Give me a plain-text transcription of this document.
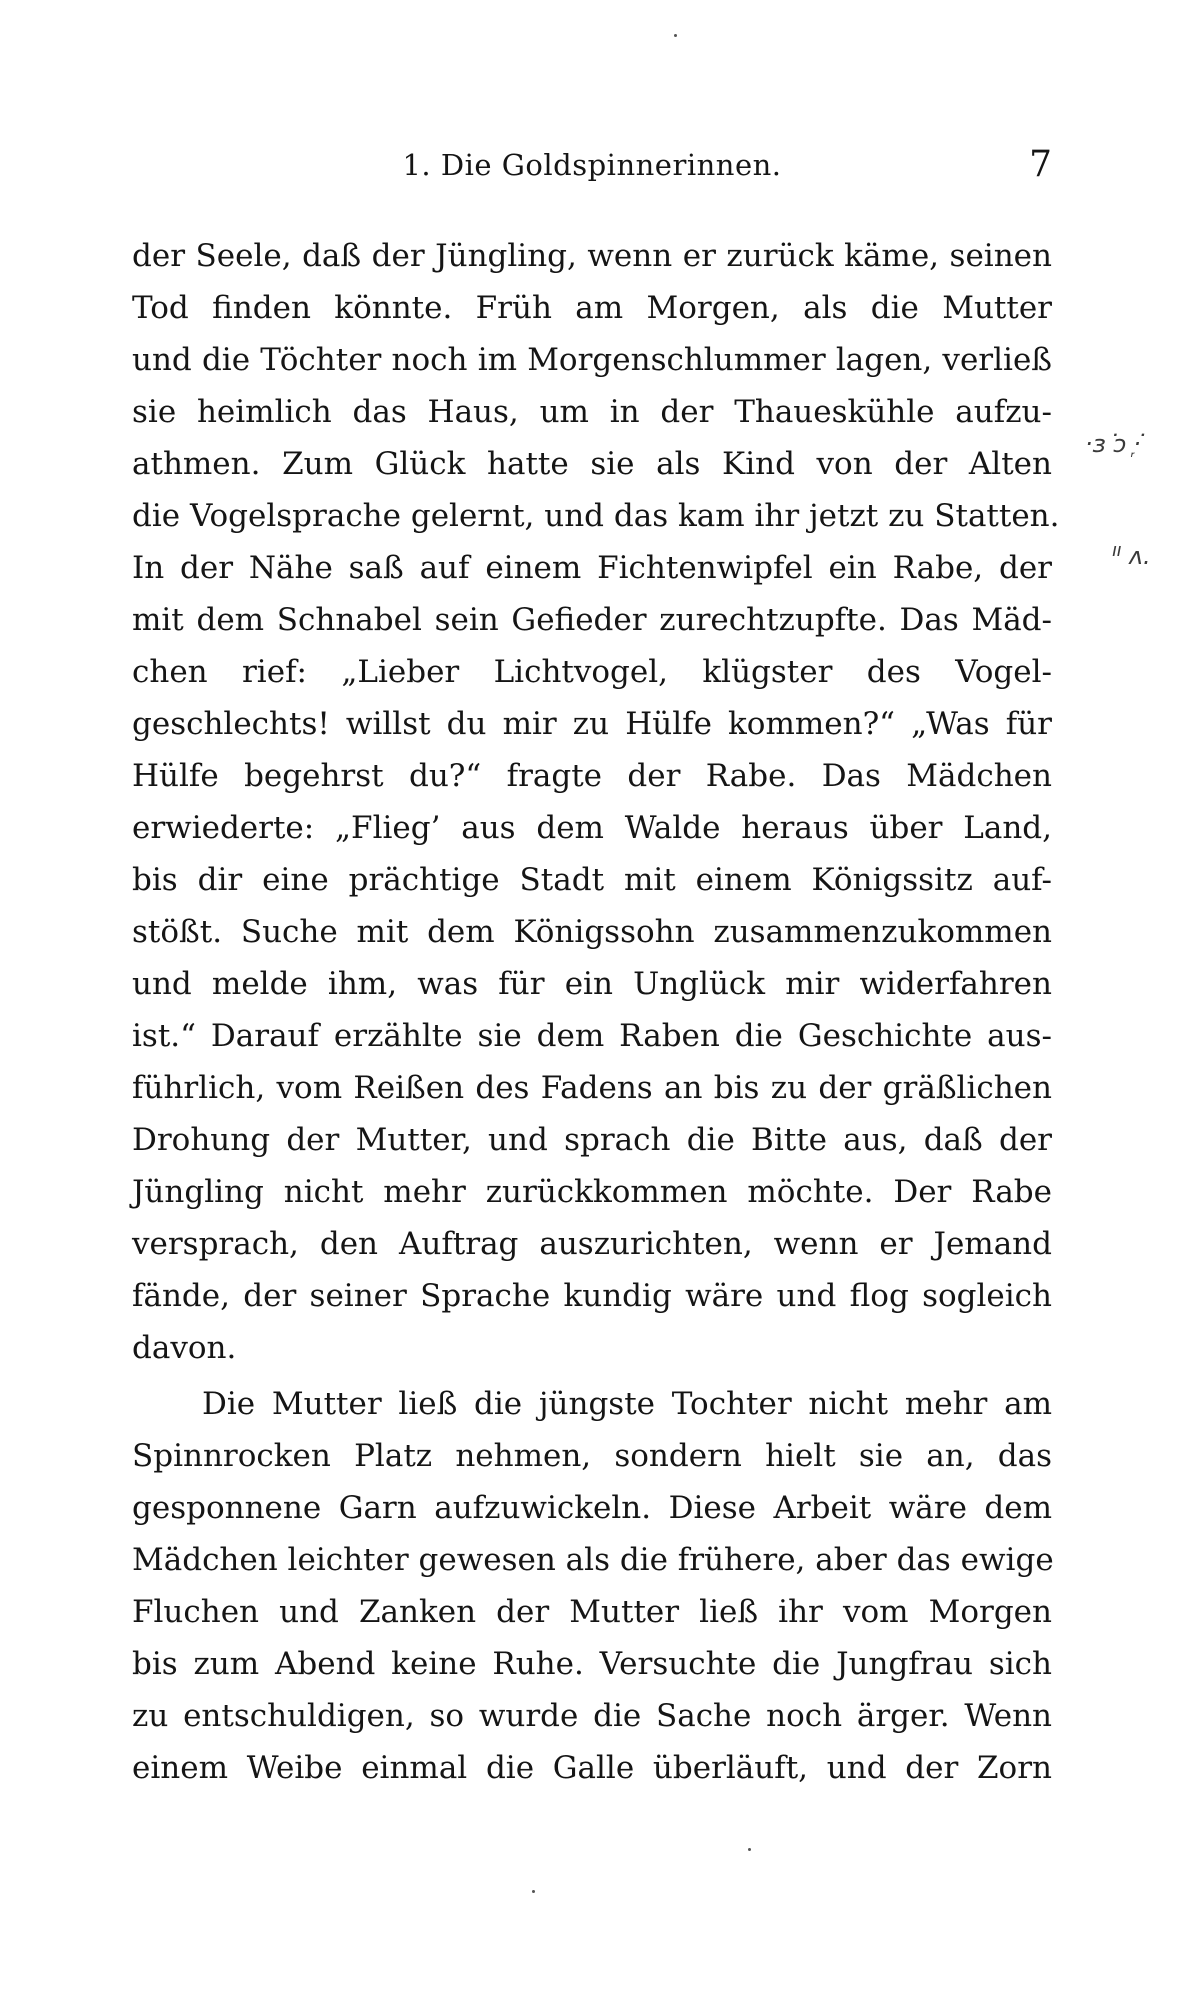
1. Die Goldspinnerinnen.	7
der Seele, daß der Jüngling, wenn er zurück käme, seinen
Tod finden könnte. Früh am Morgen, als die Mutter
und die Töchter noch im Morgenschlummer lagen, verließ
sie heimlich das Haus, um in der Thaueskühle aufzu-
athmen. Zum Glück hatte sie als Kind von der Alten
die Vogelsprache gelernt, und das kam ihr jetzt zu Statten.
In der Nähe saß auf einem Fichtenwipfel ein Rabe, der
mit dem Schnabel sein Gefieder zurechtzupfte. Das Mäd-
chen rief: „Lieber Lichtvogel, klügster des Vogel-
geschlechts! willst du mir zu Hülfe kommen?“ „Was für
Hülfe begehrst du?“ fragte der Rabe. Das Mädchen
erwiederte: „Flieg’ aus dem Walde heraus über Land,
bis dir eine prächtige Stadt mit einem Königssitz auf-
stößt. Suche mit dem Königssohn zusammenzukommen
und melde ihm, was für ein Unglück mir widerfahren
ist.“ Darauf erzählte sie dem Raben die Geschichte aus-
führlich, vom Reißen des Fadens an bis zu der gräßlichen
Drohung der Mutter, und sprach die Bitte aus, daß der
Jüngling nicht mehr zurückkommen möchte. Der Rabe
versprach, den Auftrag auszurichten, wenn er Jemand
fände, der seiner Sprache kundig wäre und flog sogleich
davon.
Die Mutter ließ die jüngste Tochter nicht mehr am
Spinnrocken Platz nehmen, sondern hielt sie an, das
gesponnene Garn aufzuwickeln. Diese Arbeit wäre dem
Mädchen leichter gewesen als die frühere, aber das ewige
Fluchen und Zanken der Mutter ließ ihr vom Morgen
bis zum Abend keine Ruhe. Versuchte die Jungfrau sich
zu entschuldigen, so wurde die Sache noch ärger. Wenn
einem Weibe einmal die Galle überläuft, und der Zorn
·ɜ ͘ɔ ᷊·͘
ᑊᑊ ʌ.
